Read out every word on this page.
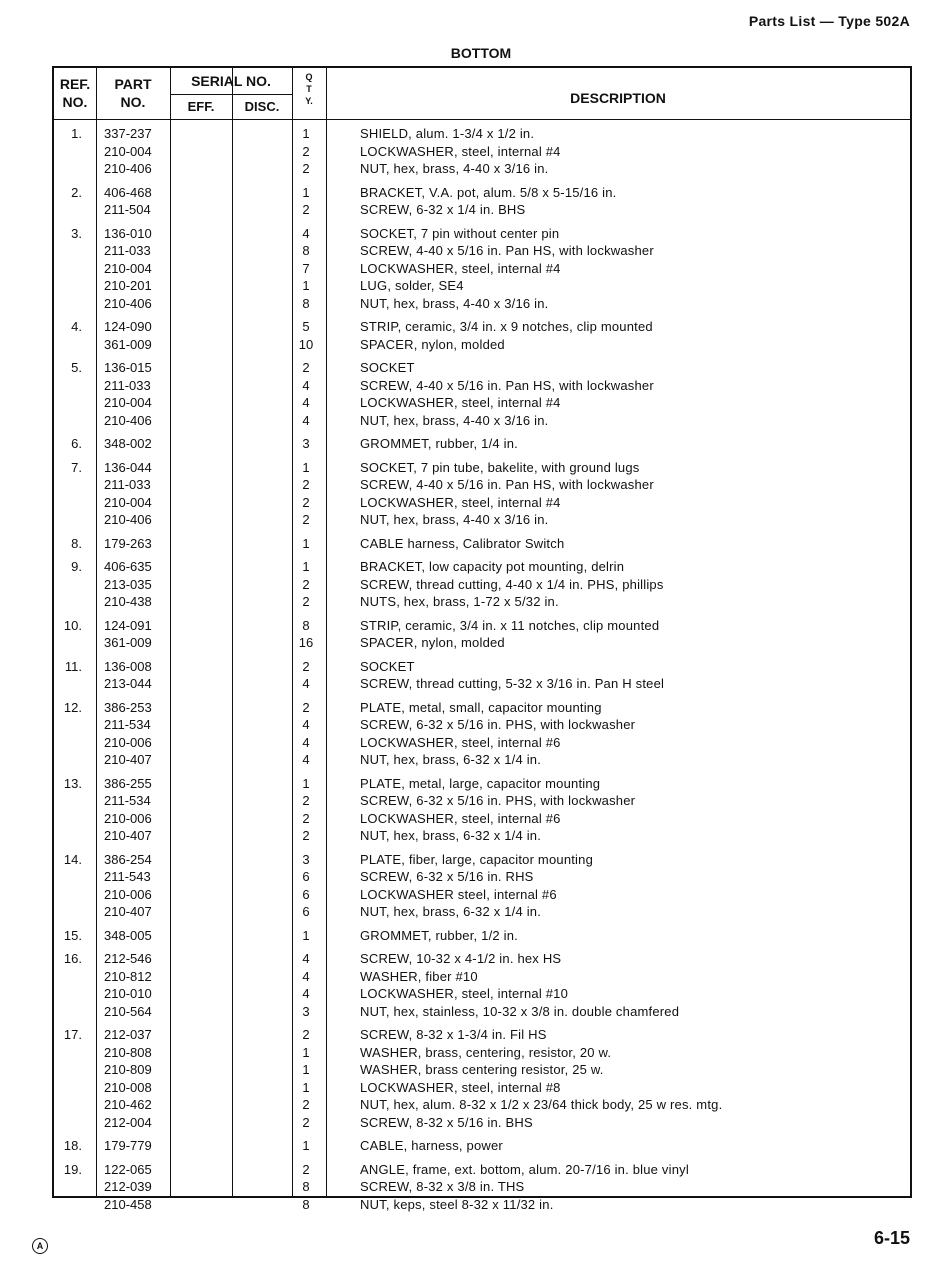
Parts List — Type 502A
BOTTOM
REF.
NO.
PART
NO.
SERIAL NO.
EFF.	DISC.
Q
T
Y.	DESCRIPTION
1. 337-237	1	SHIELD, alum. 1-3/4 x 1/2 in.
210-004	2	LOCKWASHER, steel, internal #4
210-406	2	NUT, hex, brass, 4-40 x 3/16 in.
2. 406-468	1	BRACKET, V.A. pot, alum. 5/8 x 5-15/16 in.
211-504	2	SCREW, 6-32 x 1/4 in. BHS
3. 136-010	4	SOCKET, 7 pin without center pin
211-033	8	SCREW, 4-40 x 5/16 in. Pan HS, with lockwasher
210-004	7	LOCKWASHER, steel, internal #4
210-201	1	LUG, solder, SE4
210-406	8	NUT, hex, brass, 4-40 x 3/16 in.
4. 124-090	5	STRIP, ceramic, 3/4 in. x 9 notches, clip mounted
361-009	10	SPACER, nylon, molded
5. 136-015	2	SOCKET
211-033	4	SCREW, 4-40 x 5/16 in. Pan HS, with lockwasher
210-004	4	LOCKWASHER, steel, internal #4
210-406	4	NUT, hex, brass, 4-40 x 3/16 in.
6. 348-002	3	GROMMET, rubber, 1/4 in.
7. 136-044	1	SOCKET, 7 pin tube, bakelite, with ground lugs
211-033	2	SCREW, 4-40 x 5/16 in. Pan HS, with lockwasher
210-004	2	LOCKWASHER, steel, internal #4
210-406	2	NUT, hex, brass, 4-40 x 3/16 in.
8. 179-263	1	CABLE harness, Calibrator Switch
9. 406-635	1	BRACKET, low capacity pot mounting, delrin
213-035	2	SCREW, thread cutting, 4-40 x 1/4 in. PHS, phillips
210-438	2	NUTS, hex, brass, 1-72 x 5/32 in.
10. 124-091	8	STRIP, ceramic, 3/4 in. x 11 notches, clip mounted
361-009	16	SPACER, nylon, molded
11. 136-008	2	SOCKET
213-044	4	SCREW, thread cutting, 5-32 x 3/16 in. Pan H steel
12. 386-253	2	PLATE, metal, small, capacitor mounting
211-534	4	SCREW, 6-32 x 5/16 in. PHS, with lockwasher
210-006	4	LOCKWASHER, steel, internal #6
210-407	4	NUT, hex, brass, 6-32 x 1/4 in.
13. 386-255	1	PLATE, metal, large, capacitor mounting
211-534	2	SCREW, 6-32 x 5/16 in. PHS, with lockwasher
210-006	2	LOCKWASHER, steel, internal #6
210-407	2	NUT, hex, brass, 6-32 x 1/4 in.
14. 386-254	3	PLATE, fiber, large, capacitor mounting
211-543	6	SCREW, 6-32 x 5/16 in. RHS
210-006	6	LOCKWASHER steel, internal #6
210-407	6	NUT, hex, brass, 6-32 x 1/4 in.
15. 348-005	1	GROMMET, rubber, 1/2 in.
16. 212-546	4	SCREW, 10-32 x 4-1/2 in. hex HS
210-812	4	WASHER, fiber #10
210-010	4	LOCKWASHER, steel, internal #10
210-564	3	NUT, hex, stainless, 10-32 x 3/8 in. double chamfered
17. 212-037	2	SCREW, 8-32 x 1-3/4 in. Fil HS
210-808	1	WASHER, brass, centering, resistor, 20 w.
210-809	1	WASHER, brass centering resistor, 25 w.
210-008	1	LOCKWASHER, steel, internal #8
210-462	2	NUT, hex, alum. 8-32 x 1/2 x 23/64 thick body, 25 w res. mtg.
212-004	2	SCREW, 8-32 x 5/16 in. BHS
18. 179-779	1	CABLE, harness, power
19. 122-065	2	ANGLE, frame, ext. bottom, alum. 20-7/16 in. blue vinyl
212-039	8	SCREW, 8-32 x 3/8 in. THS
210-458	8	NUT, keps, steel 8-32 x 11/32 in.
A	6-15
